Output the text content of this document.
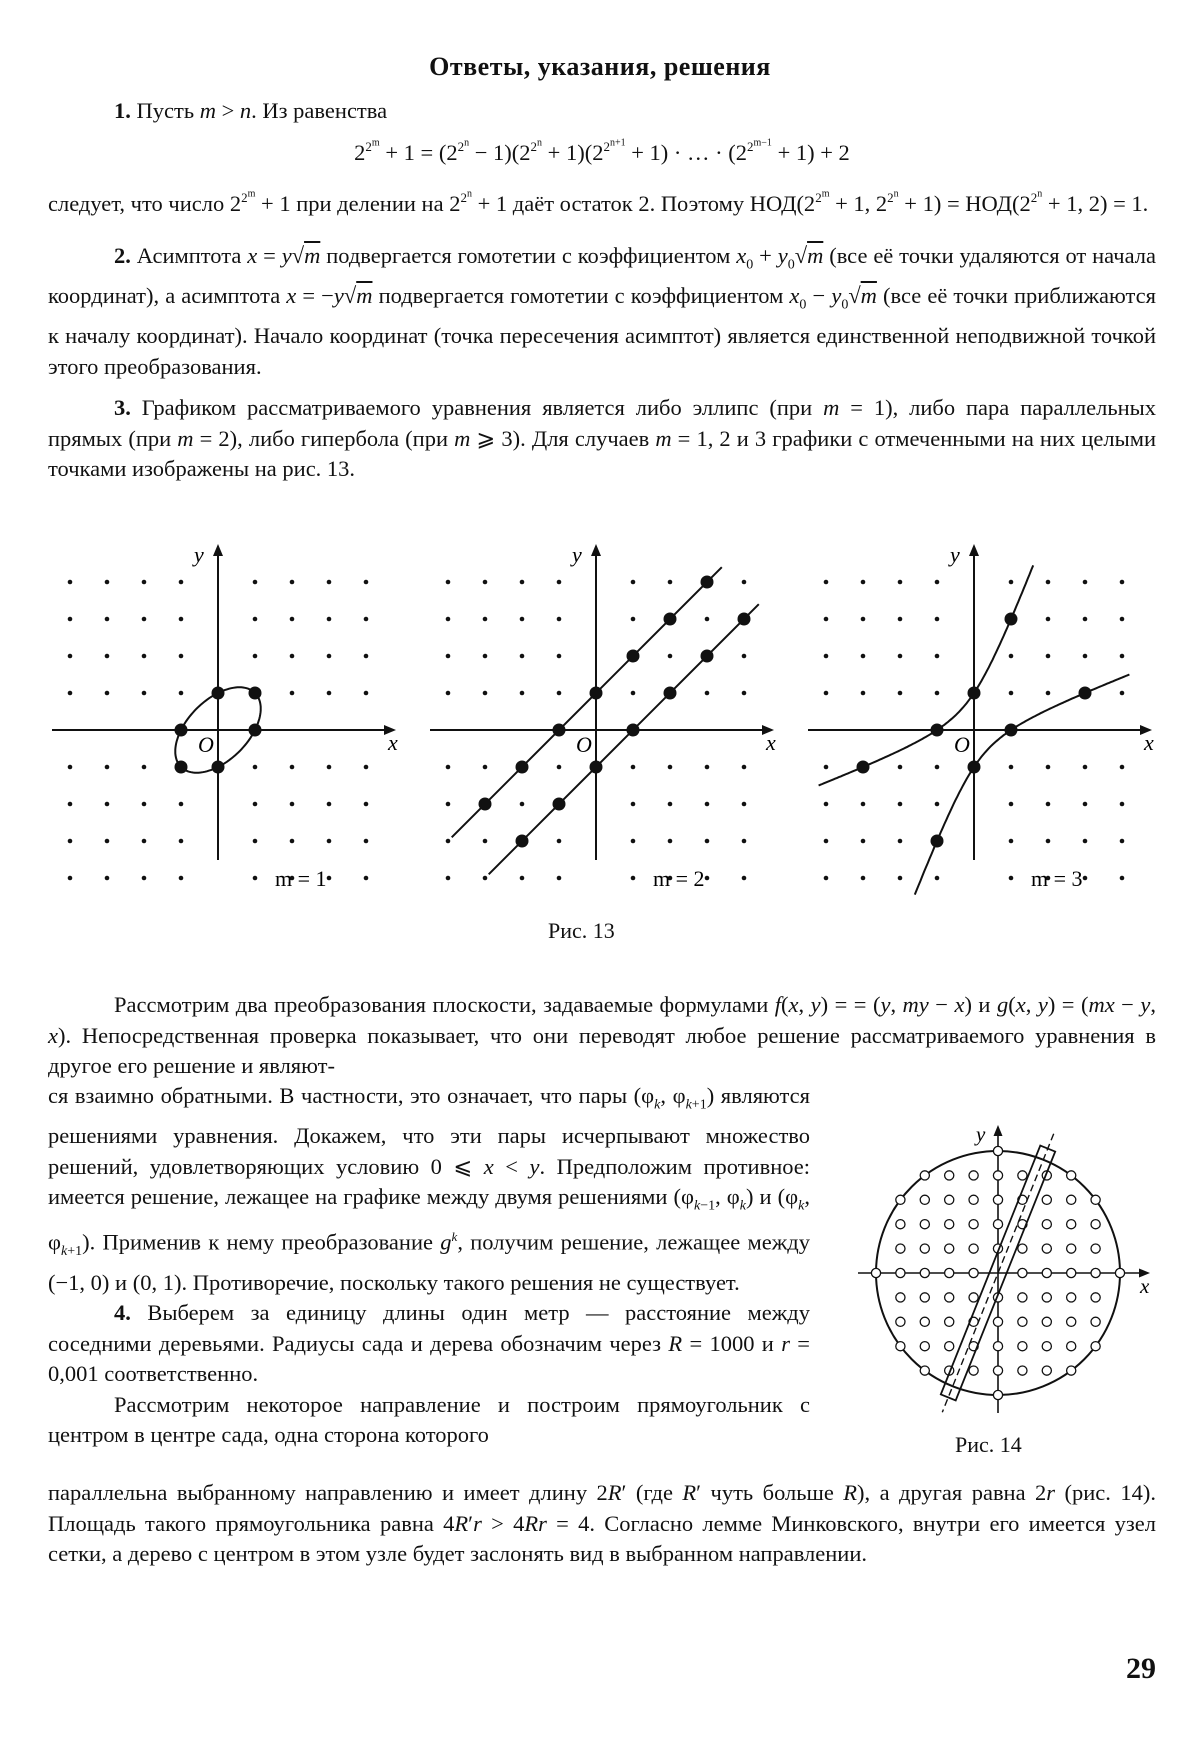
Ответы, указания, решения

1. Пусть m > n. Из равенства

22m + 1 = (22n − 1)(22n + 1)(22n+1 + 1) · … · (22m−1 + 1) + 2

следует, что число 22m + 1 при делении на 22n + 1 даёт остаток 2. Поэтому НОД(22m + 1, 22n + 1) = НОД(22n + 1, 2) = 1.

2. Асимптота x = y√m подвергается гомотетии с коэффициентом x0 + y0√m (все её точки удаляются от начала координат), а асимптота x = −y√m подвергается гомотетии с коэффициентом x0 − y0√m (все её точки приближаются к началу координат). Начало координат (точка пересечения асимптот) является единственной неподвижной точкой этого преобразования.

3. Графиком рассматриваемого уравнения является либо эллипс (при m = 1), либо пара параллельных прямых (при m = 2), либо гипербола (при m ⩾ 3). Для случаев m = 1, 2 и 3 графики с отмеченными на них целыми точками изображены на рис. 13.

x
y
O
m = 1
x
y
O
m = 2
x
y
O
m = 3
Рис. 13

Рассмотрим два преобразования плоскости, задаваемые формулами f(x, y) = = (y, my − x) и g(x, y) = (mx − y, x). Непосредственная проверка показывает, что они переводят любое решение рассматриваемого уравнения в другое его решение и являют-

ся взаимно обратными. В частности, это означает, что пары (φk, φk+1) являются решениями уравнения. Докажем, что эти пары исчерпывают множество решений, удовлетворяющих условию 0 ⩽ x < y. Предположим противное: имеется решение, лежащее на графике между двумя решениями (φk−1, φk) и (φk, φk+1). Применив к нему преобразование gk, получим решение, лежащее между (−1, 0) и (0, 1). Противоречие, поскольку такого решения не существует.

4. Выберем за единицу длины один метр — расстояние между соседними деревьями. Радиусы сада и дерева обозначим через R = 1000 и r = 0,001 соответственно.

Рассмотрим некоторое направление и построим прямоугольник с центром в центре сада, одна сторона которого

параллельна выбранному направлению и имеет длину 2R′ (где R′ чуть больше R), а другая равна 2r (рис. 14). Площадь такого прямоугольника равна 4R′r > 4Rr = 4. Согласно лемме Минковского, внутри его имеется узел сетки, а дерево с центром в этом узле будет заслонять вид в выбранном направлении.

x
y
Рис. 14
29
